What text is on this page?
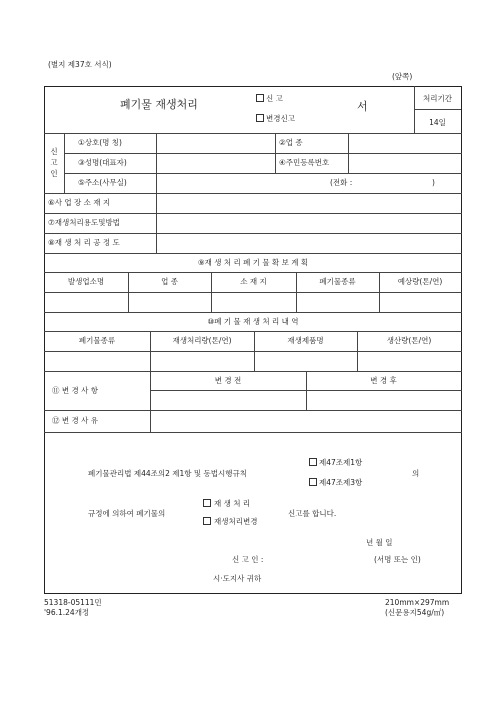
(별지 제37호 서식)
(앞쪽)
폐기물 재생처리	신 고
변경신고
서
처리기간
14일
신
고
인
①상호(명 칭)	②업 종
③성명(대표자)	④주민등록번호
⑤주소(사무실)	(전화 :	)
⑥사 업 장 소 재 지
⑦재생처리용도및방법
⑧재 생 처 리 공 정 도
⑨재 생 처 리 폐 기 물 확 보 계 획
발생업소명	업 종	소 재 지	폐기물종류	예상량(톤/연)
⑩폐 기 물 재 생 처 리 내 역
폐기물종류	재생처리량(톤/연)	재생제품명	생산량(톤/연)
⑪ 변 경 사 항
변 경 전	변 경 후
⑫ 변 경 사 유
폐기물관리법 제44조의2 제1항 및 동법시행규칙
제47조제1항
제47조제3항
의
규정에 의하여 폐기물의
재 생 처 리
재생처리변경
신고를 합니다.
년 월 일
신 고 인 :	(서명 또는 인)
시·도지사 귀하
51318-05111민
'96.1.24개정
210mm×297mm
(신문용지54g/㎡)
